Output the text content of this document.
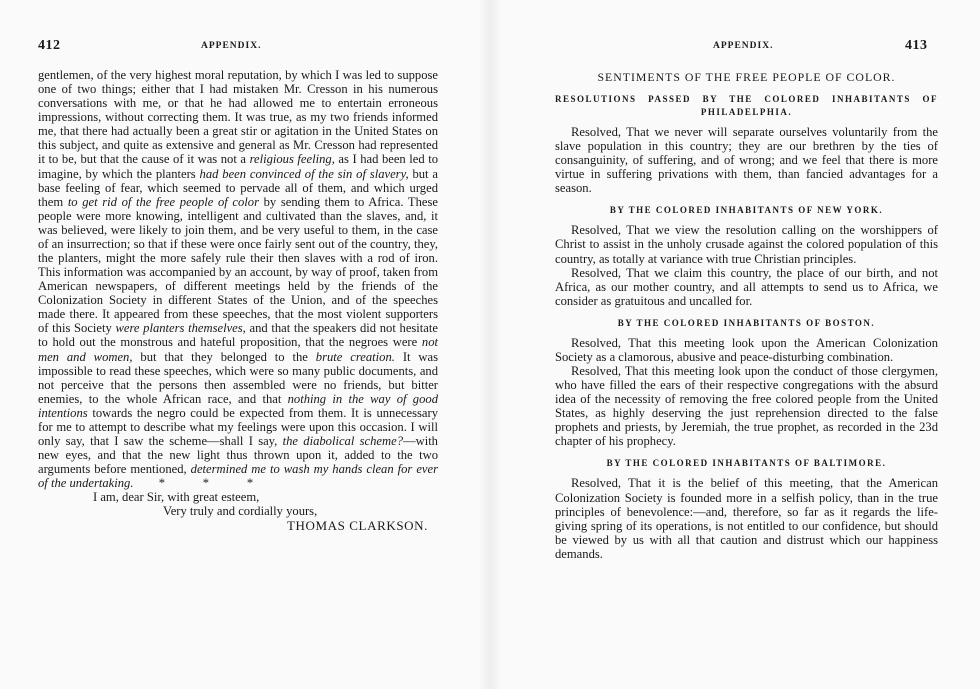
412	APPENDIX.

gentlemen, of the very highest moral reputation, by which I was led to suppose one of two things; either that I had mistaken Mr. Cresson in his numerous conversations with me, or that he had allowed me to entertain erroneous impressions, without correcting them. It was true, as my two friends informed me, that there had actually been a great stir or agitation in the United States on this subject, and quite as extensive and general as Mr. Cresson had represented it to be, but that the cause of it was not a religious feeling, as I had been led to imagine, by which the planters had been convinced of the sin of slavery, but a base feeling of fear, which seemed to pervade all of them, and which urged them to get rid of the free people of color by sending them to Africa. These people were more knowing, intelligent and cultivated than the slaves, and, it was believed, were likely to join them, and be very useful to them, in the case of an insurrection; so that if these were once fairly sent out of the country, they, the planters, might the more safely rule their then slaves with a rod of iron. This information was accompanied by an account, by way of proof, taken from American newspapers, of different meetings held by the friends of the Colonization Society in different States of the Union, and of the speeches made there. It appeared from these speeches, that the most violent supporters of this Society were planters themselves, and that the speakers did not hesitate to hold out the monstrous and hateful proposition, that the negroes were not men and women, but that they belonged to the brute creation. It was impossible to read these speeches, which were so many public documents, and not perceive that the persons then assembled were no friends, but bitter enemies, to the whole African race, and that nothing in the way of good intentions towards the negro could be expected from them. It is unnecessary for me to attempt to describe what my feelings were upon this occasion. I will only say, that I saw the scheme—shall I say, the diabolical scheme?—with new eyes, and that the new light thus thrown upon it, added to the two arguments before mentioned, determined me to wash my hands clean for ever of the undertaking.        *            *            *

I am, dear Sir, with great esteem,

Very truly and cordially yours,

THOMAS CLARKSON.

APPENDIX.	413
SENTIMENTS OF THE FREE PEOPLE OF COLOR.
RESOLUTIONS PASSED BY THE COLORED INHABITANTS OF PHILADELPHIA.

Resolved, That we never will separate ourselves voluntarily from the slave population in this country; they are our brethren by the ties of consanguinity, of suffering, and of wrong; and we feel that there is more virtue in suffering privations with them, than fancied advantages for a season.

BY THE COLORED INHABITANTS OF NEW YORK.

Resolved, That we view the resolution calling on the worshippers of Christ to assist in the unholy crusade against the colored population of this country, as totally at variance with true Christian principles.

Resolved, That we claim this country, the place of our birth, and not Africa, as our mother country, and all attempts to send us to Africa, we consider as gratuitous and uncalled for.

BY THE COLORED INHABITANTS OF BOSTON.

Resolved, That this meeting look upon the American Colonization Society as a clamorous, abusive and peace-disturbing combination.

Resolved, That this meeting look upon the conduct of those clergymen, who have filled the ears of their respective congregations with the absurd idea of the necessity of removing the free colored people from the United States, as highly deserving the just reprehension directed to the false prophets and priests, by Jeremiah, the true prophet, as recorded in the 23d chapter of his prophecy.

BY THE COLORED INHABITANTS OF BALTIMORE.

Resolved, That it is the belief of this meeting, that the American Colonization Society is founded more in a selfish policy, than in the true principles of benevolence:—and, therefore, so far as it regards the life-giving spring of its operations, is not entitled to our confidence, but should be viewed by us with all that caution and distrust which our happiness demands.
